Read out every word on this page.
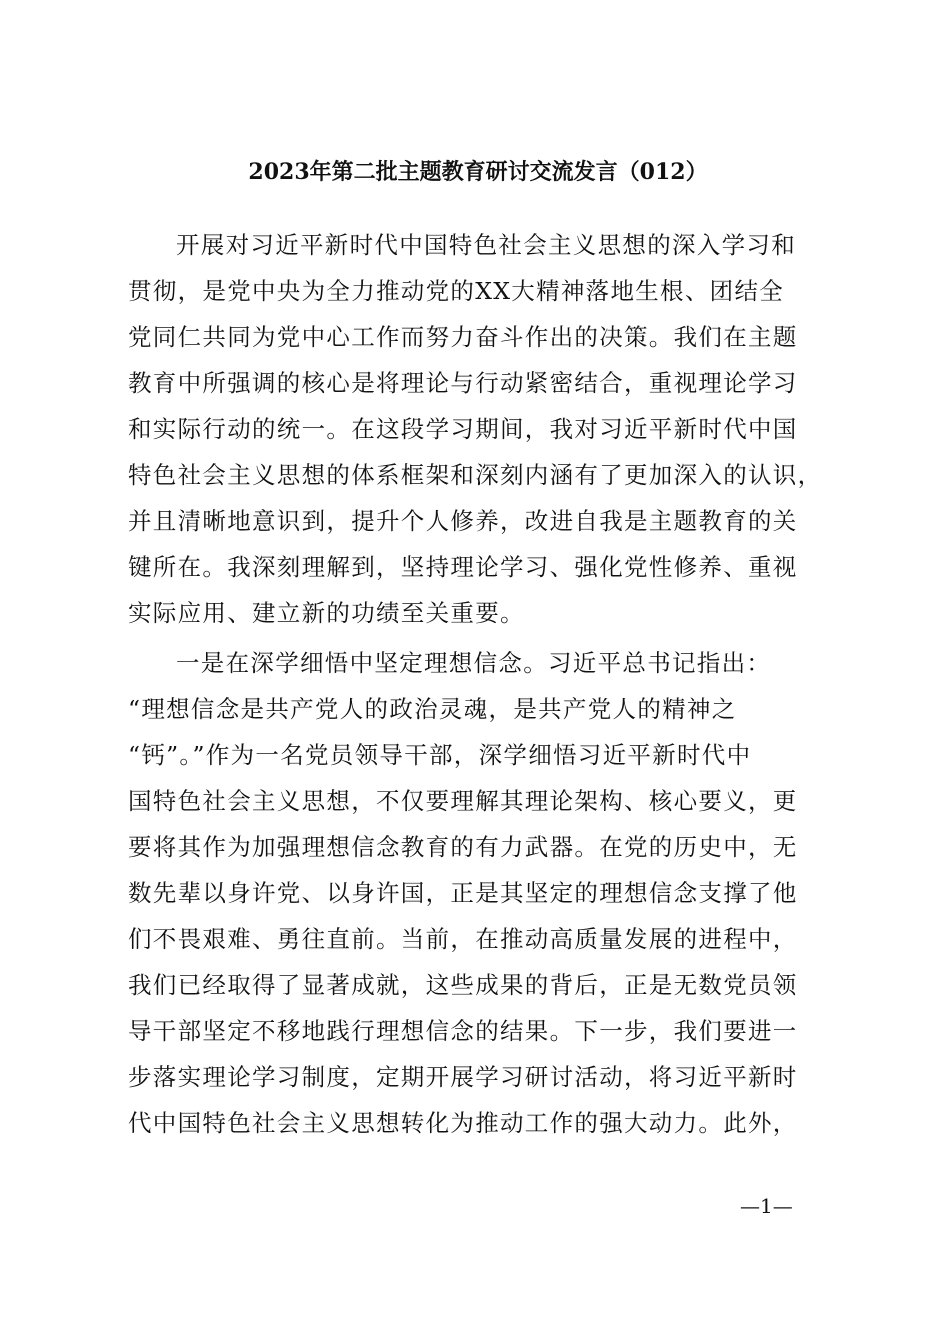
2023年第二批主题教育研讨交流发言（012）
开展对习近平新时代中国特色社会主义思想的深入学习和
贯彻，是党中央为全力推动党的XX大精神落地生根、团结全
党同仁共同为党中心工作而努力奋斗作出的决策。我们在主题
教育中所强调的核心是将理论与行动紧密结合，重视理论学习
和实际行动的统一。在这段学习期间，我对习近平新时代中国
特色社会主义思想的体系框架和深刻内涵有了更加深入的认识，
并且清晰地意识到，提升个人修养，改进自我是主题教育的关
键所在。我深刻理解到，坚持理论学习、强化党性修养、重视
实际应用、建立新的功绩至关重要。
一是在深学细悟中坚定理想信念。习近平总书记指出：
“理想信念是共产党人的政治灵魂，是共产党人的精神之
“钙”。”作为一名党员领导干部，深学细悟习近平新时代中
国特色社会主义思想，不仅要理解其理论架构、核心要义，更
要将其作为加强理想信念教育的有力武器。在党的历史中，无
数先辈以身许党、以身许国，正是其坚定的理想信念支撑了他
们不畏艰难、勇往直前。当前，在推动高质量发展的进程中，
我们已经取得了显著成就，这些成果的背后，正是无数党员领
导干部坚定不移地践行理想信念的结果。下一步，我们要进一
步落实理论学习制度，定期开展学习研讨活动，将习近平新时
代中国特色社会主义思想转化为推动工作的强大动力。此外，
—1—
